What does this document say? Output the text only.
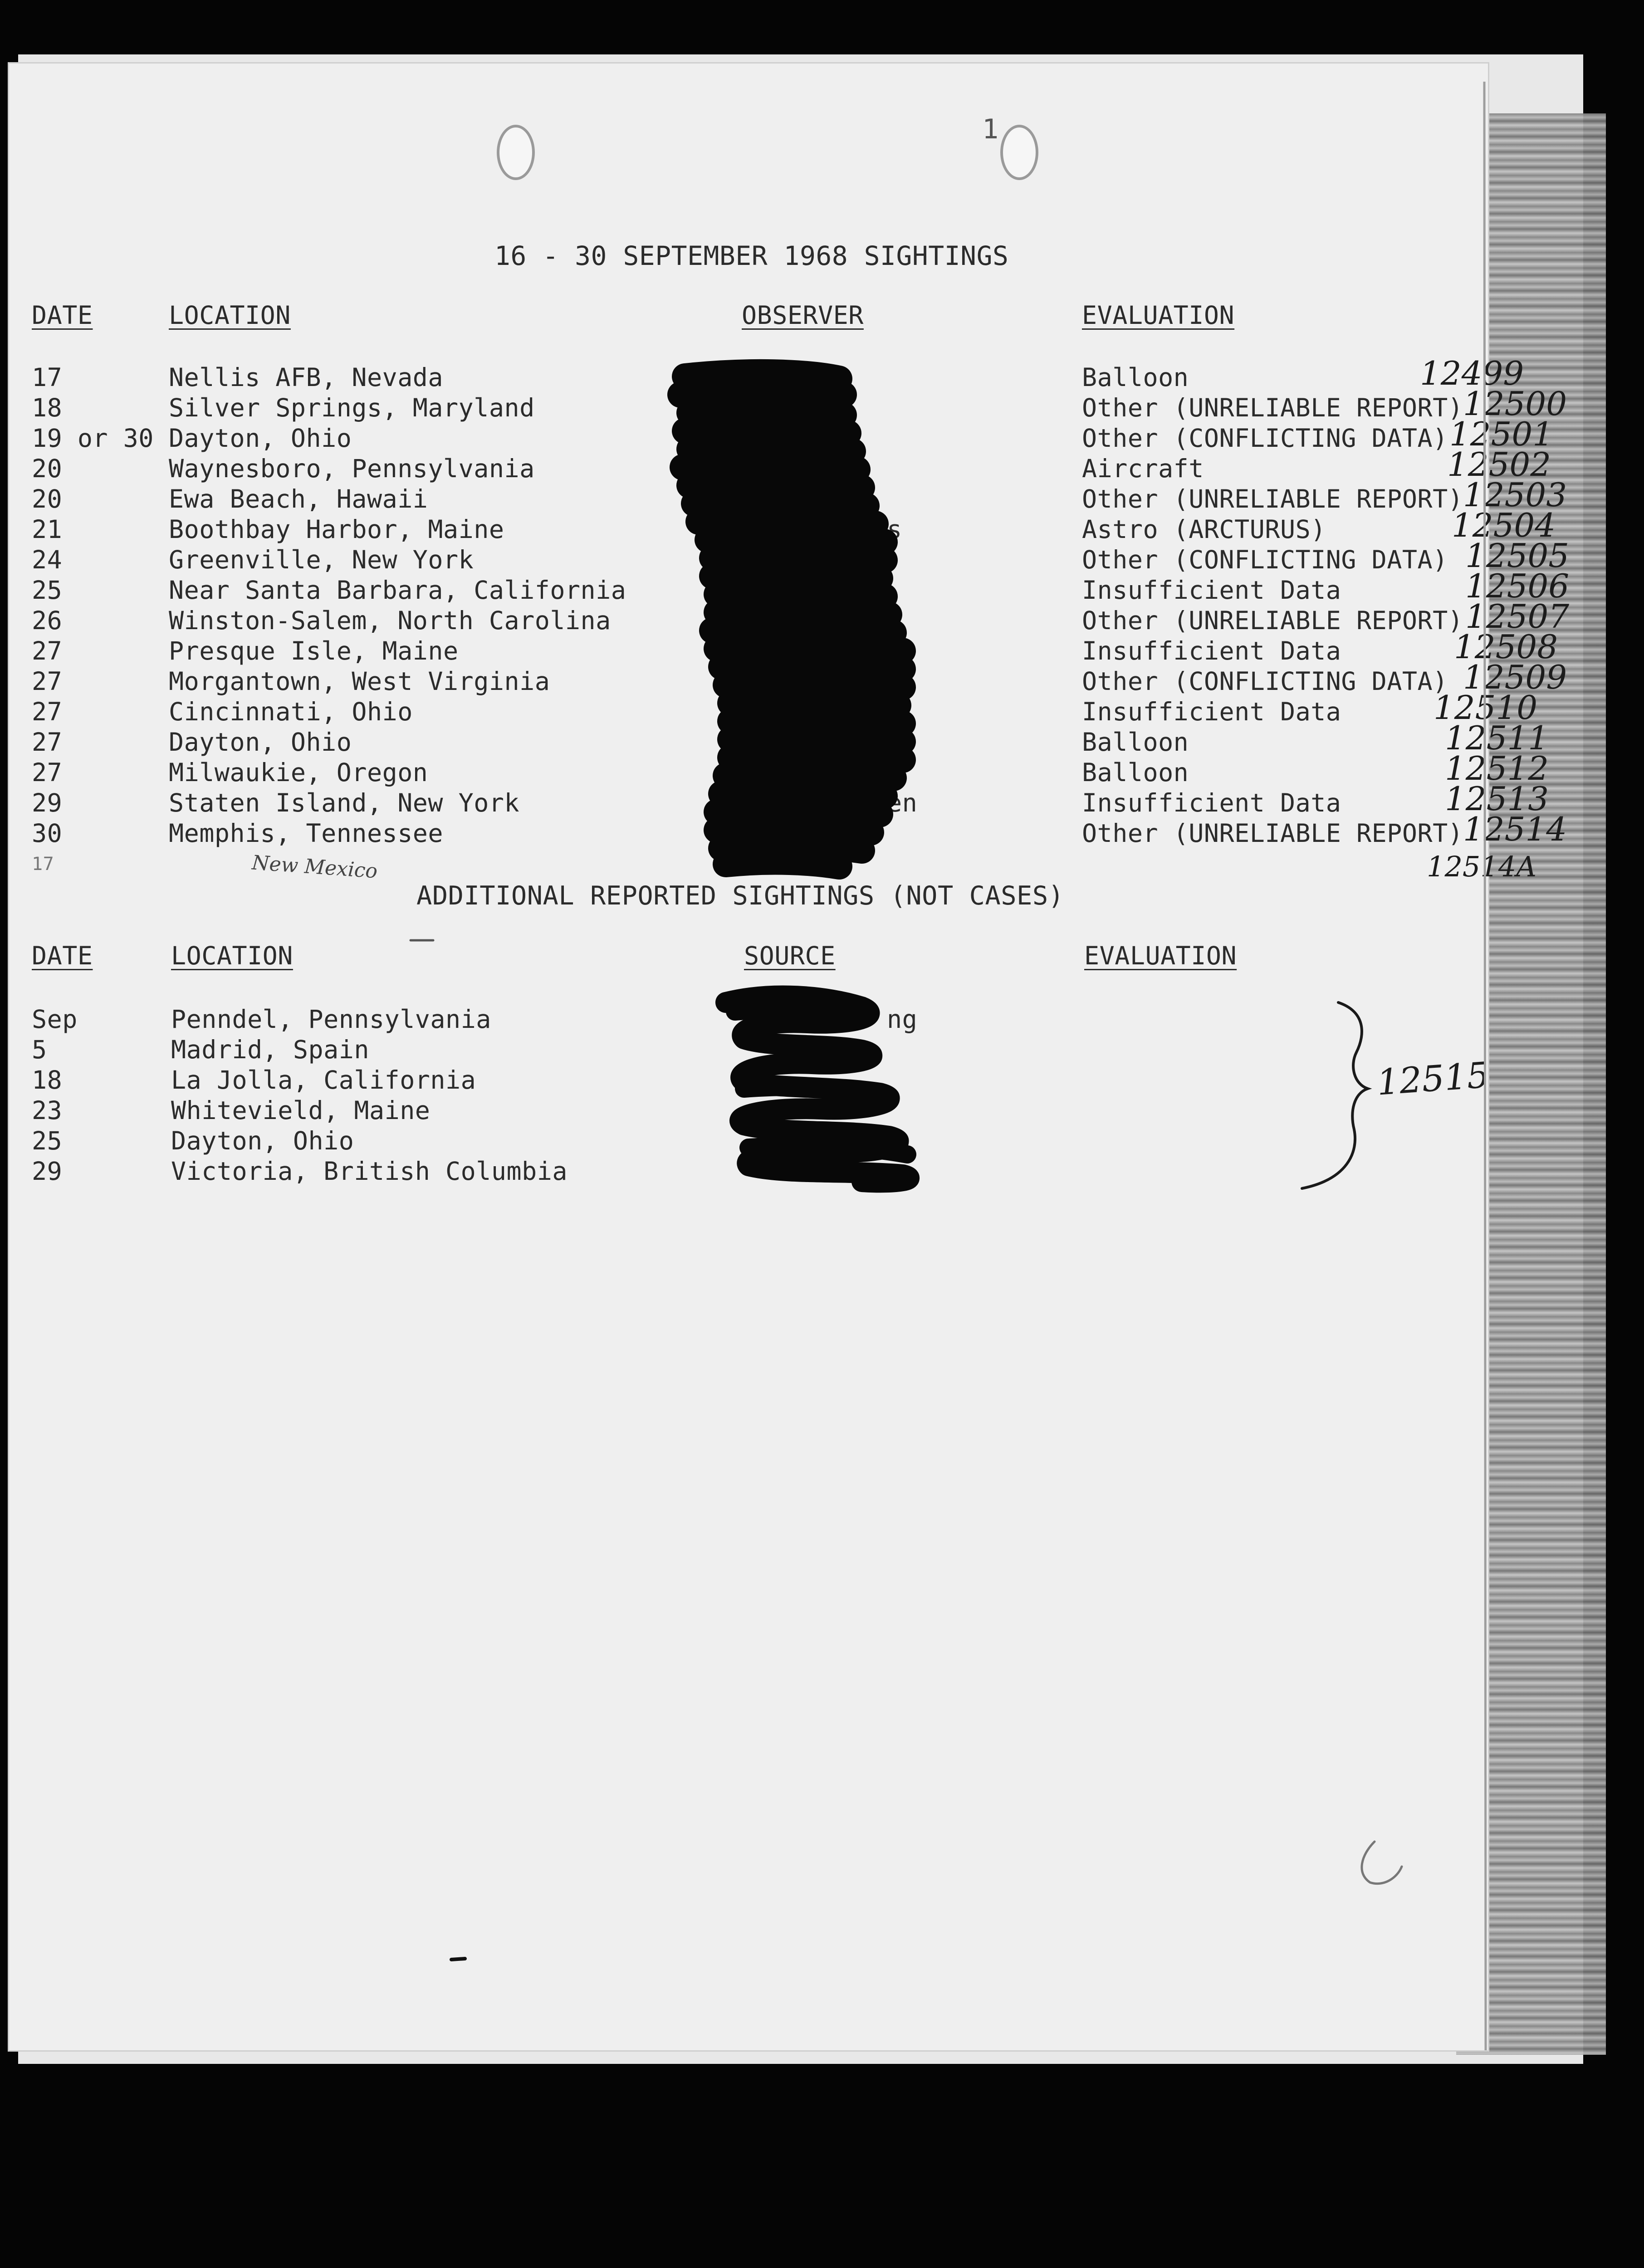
1
16 - 30 SEPTEMBER 1968 SIGHTINGS
DATE	LOCATION	OBSERVER	EVALUATION
17	Nellis AFB, Nevada	Balloon	12499
18	Silver Springs, Maryland	Other (UNRELIABLE REPORT) 12500
19 or 30 Dayton, Ohio	Other (CONFLICTING DATA) 12501
20	Waynesboro, Pennsylvania	Aircraft	12502
20	Ewa Beach, Hawaii	Other (UNRELIABLE REPORT) 12503
21	Boothbay Harbor, Maine	s	Astro (ARCTURUS)	12504
24	Greenville, New York	Other (CONFLICTING DATA) 12505
25	Near Santa Barbara, California	Insufficient Data	12506
26	Winston-Salem, North Carolina	Other (UNRELIABLE REPORT) 12507
27	Presque Isle, Maine	Insufficient Data	12508
27	Morgantown, West Virginia	Other (CONFLICTING DATA) 12509
27	Cincinnati, Ohio	Insufficient Data	12510
27	Dayton, Ohio	Balloon	12511
27	Milwaukie, Oregon	Balloon	12512
29	Staten Island, New York	en	Insufficient Data	12513
30	Memphis, Tennessee	Other (UNRELIABLE REPORT) 12514
17	New Mexico	12514A
ADDITIONAL REPORTED SIGHTINGS (NOT CASES)
DATE	LOCATION	SOURCE	EVALUATION
Sep	Penndel, Pennsylvania	ng
5	Madrid, Spain
18	La Jolla, California
23	Whitevield, Maine
25	Dayton, Ohio
29	Victoria, British Columbia
12515
